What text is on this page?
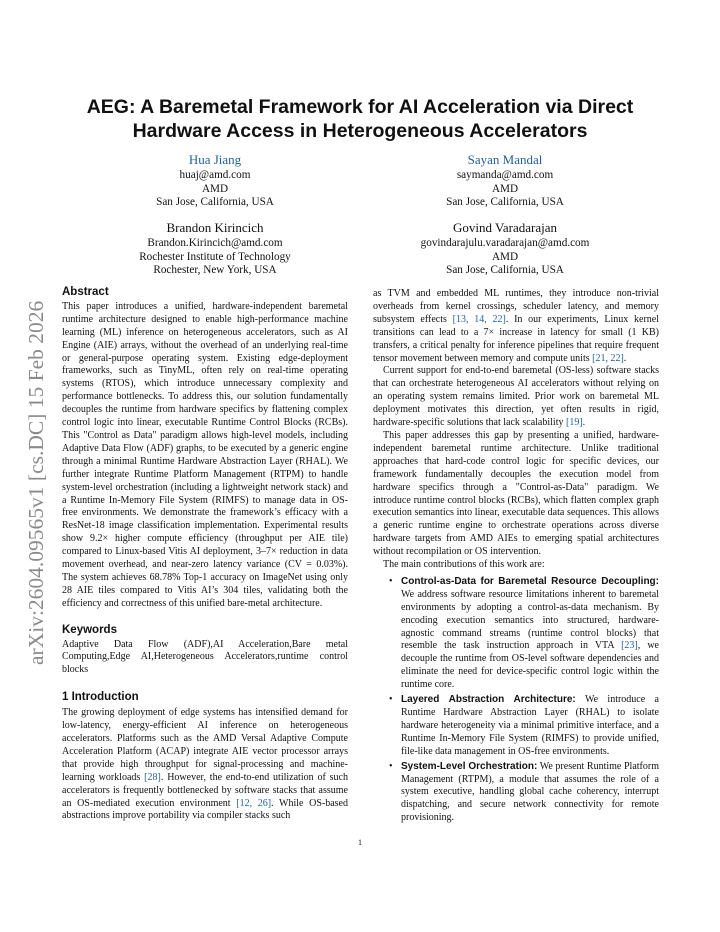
arXiv:2604.09565v1 [cs.DC] 15 Feb 2026
AEG: A Baremetal Framework for AI Acceleration via Direct
Hardware Access in Heterogeneous Accelerators
Hua Jiang
huaj@amd.com
AMD
San Jose, California, USA
Sayan Mandal
saymanda@amd.com
AMD
San Jose, California, USA
Brandon Kirincich
Brandon.Kirincich@amd.com
Rochester Institute of Technology
Rochester, New York, USA
Govind Varadarajan
govindarajulu.varadarajan@amd.com
AMD
San Jose, California, USA
Abstract

This paper introduces a unified, hardware-independent baremetal runtime architecture designed to enable high-performance machine learning (ML) inference on heterogeneous accelerators, such as AI Engine (AIE) arrays, without the overhead of an underlying real-time or general-purpose operating system. Existing edge-deployment frameworks, such as TinyML, often rely on real-time operating systems (RTOS), which introduce unnecessary complexity and performance bottlenecks. To address this, our solution fundamentally decouples the runtime from hardware specifics by flattening complex control logic into linear, executable Runtime Control Blocks (RCBs). This "Control as Data" paradigm allows high-level models, including Adaptive Data Flow (ADF) graphs, to be executed by a generic engine through a minimal Runtime Hardware Abstraction Layer (RHAL). We further integrate Runtime Platform Management (RTPM) to handle system-level orchestration (including a lightweight network stack) and a Runtime In-Memory File System (RIMFS) to manage data in OS-free environments. We demonstrate the framework’s efficacy with a ResNet-18 image classification implementation. Experimental results show 9.2× higher compute efficiency (throughput per AIE tile) compared to Linux-based Vitis AI deployment, 3–7× reduction in data movement overhead, and near-zero latency variance (CV = 0.03%). The system achieves 68.78% Top-1 accuracy on ImageNet using only 28 AIE tiles compared to Vitis AI’s 304 tiles, validating both the efficiency and correctness of this unified bare-metal architecture.

Keywords

Adaptive Data Flow (ADF),AI Acceleration,Bare metal Computing,Edge AI,Heterogeneous Accelerators,runtime control blocks

1 Introduction

The growing deployment of edge systems has intensified demand for low-latency, energy-efficient AI inference on heterogeneous accelerators. Platforms such as the AMD Versal Adaptive Compute Acceleration Platform (ACAP) integrate AIE vector processor arrays that provide high throughput for signal-processing and machine-learning workloads [28]. However, the end-to-end utilization of such accelerators is frequently bottlenecked by software stacks that assume an OS-mediated execution environment [12, 26]. While OS-based abstractions improve portability via compiler stacks such

as TVM and embedded ML runtimes, they introduce non-trivial overheads from kernel crossings, scheduler latency, and memory subsystem effects [13, 14, 22]. In our experiments, Linux kernel transitions can lead to a 7× increase in latency for small (1 KB) transfers, a critical penalty for inference pipelines that require frequent tensor movement between memory and compute units [21, 22].

Current support for end-to-end baremetal (OS-less) software stacks that can orchestrate heterogeneous AI accelerators without relying on an operating system remains limited. Prior work on baremetal ML deployment motivates this direction, yet often results in rigid, hardware-specific solutions that lack scalability [19].

This paper addresses this gap by presenting a unified, hardware-independent baremetal runtime architecture. Unlike traditional approaches that hard-code control logic for specific devices, our framework fundamentally decouples the execution model from hardware specifics through a "Control-as-Data" paradigm. We introduce runtime control blocks (RCBs), which flatten complex graph execution semantics into linear, executable data sequences. This allows a generic runtime engine to orchestrate operations across diverse hardware targets from AMD AIEs to emerging spatial architectures without recompilation or OS intervention.

The main contributions of this work are:

• Control-as-Data for Baremetal Resource Decoupling: We address software resource limitations inherent to baremetal environments by adopting a control-as-data mechanism. By encoding execution semantics into structured, hardware-agnostic command streams (runtime control blocks) that resemble the task instruction approach in VTA [23], we decouple the runtime from OS-level software dependencies and eliminate the need for device-specific control logic within the runtime core.
• Layered Abstraction Architecture: We introduce a Runtime Hardware Abstraction Layer (RHAL) to isolate hardware heterogeneity via a minimal primitive interface, and a Runtime In-Memory File System (RIMFS) to provide unified, file-like data management in OS-free environments.
• System-Level Orchestration: We present Runtime Platform Management (RTPM), a module that assumes the role of a system executive, handling global cache coherency, interrupt dispatching, and secure network connectivity for remote provisioning.
1
